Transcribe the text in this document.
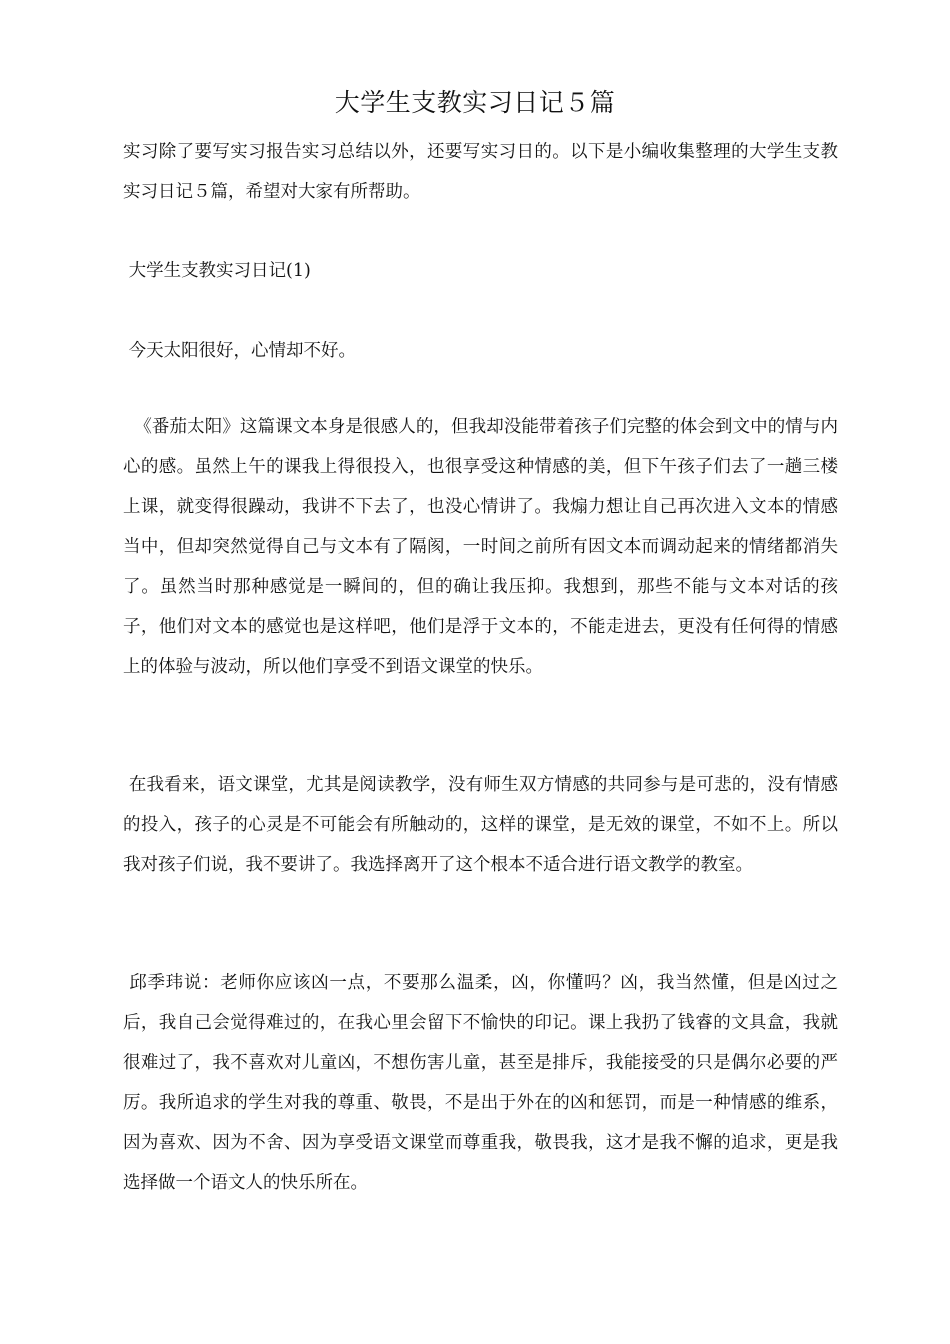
大学生支教实习日记５篇
实习除了要写实习报告实习总结以外，还要写实习日的。以下是小编收集整理的大学生支教实习日记５篇，希望对大家有所帮助。
大学生支教实习日记(1)
今天太阳很好，心情却不好。
《番茄太阳》这篇课文本身是很感人的，但我却没能带着孩子们完整的体会到文中的情与内心的感。虽然上午的课我上得很投入，也很享受这种情感的美，但下午孩子们去了一趟三楼上课，就变得很躁动，我讲不下去了，也没心情讲了。我煽力想让自己再次进入文本的情感当中，但却突然觉得自己与文本有了隔阂，一时间之前所有因文本而调动起来的情绪都消失了。虽然当时那种感觉是一瞬间的，但的确让我压抑。我想到，那些不能与文本对话的孩子，他们对文本的感觉也是这样吧，他们是浮于文本的，不能走进去，更没有任何得的情感上的体验与波动，所以他们享受不到语文课堂的快乐。
在我看来，语文课堂，尤其是阅读教学，没有师生双方情感的共同参与是可悲的，没有情感的投入，孩子的心灵是不可能会有所触动的，这样的课堂，是无效的课堂，不如不上。所以我对孩子们说，我不要讲了。我选择离开了这个根本不适合进行语文教学的教室。
邱季玮说：老师你应该凶一点，不要那么温柔，凶，你懂吗？凶，我当然懂，但是凶过之后，我自己会觉得难过的，在我心里会留下不愉快的印记。课上我扔了钱睿的文具盒，我就很难过了，我不喜欢对儿童凶，不想伤害儿童，甚至是排斥，我能接受的只是偶尔必要的严厉。我所追求的学生对我的尊重、敬畏，不是出于外在的凶和惩罚，而是一种情感的维系，因为喜欢、因为不舍、因为享受语文课堂而尊重我，敬畏我，这才是我不懈的追求，更是我选择做一个语文人的快乐所在。
